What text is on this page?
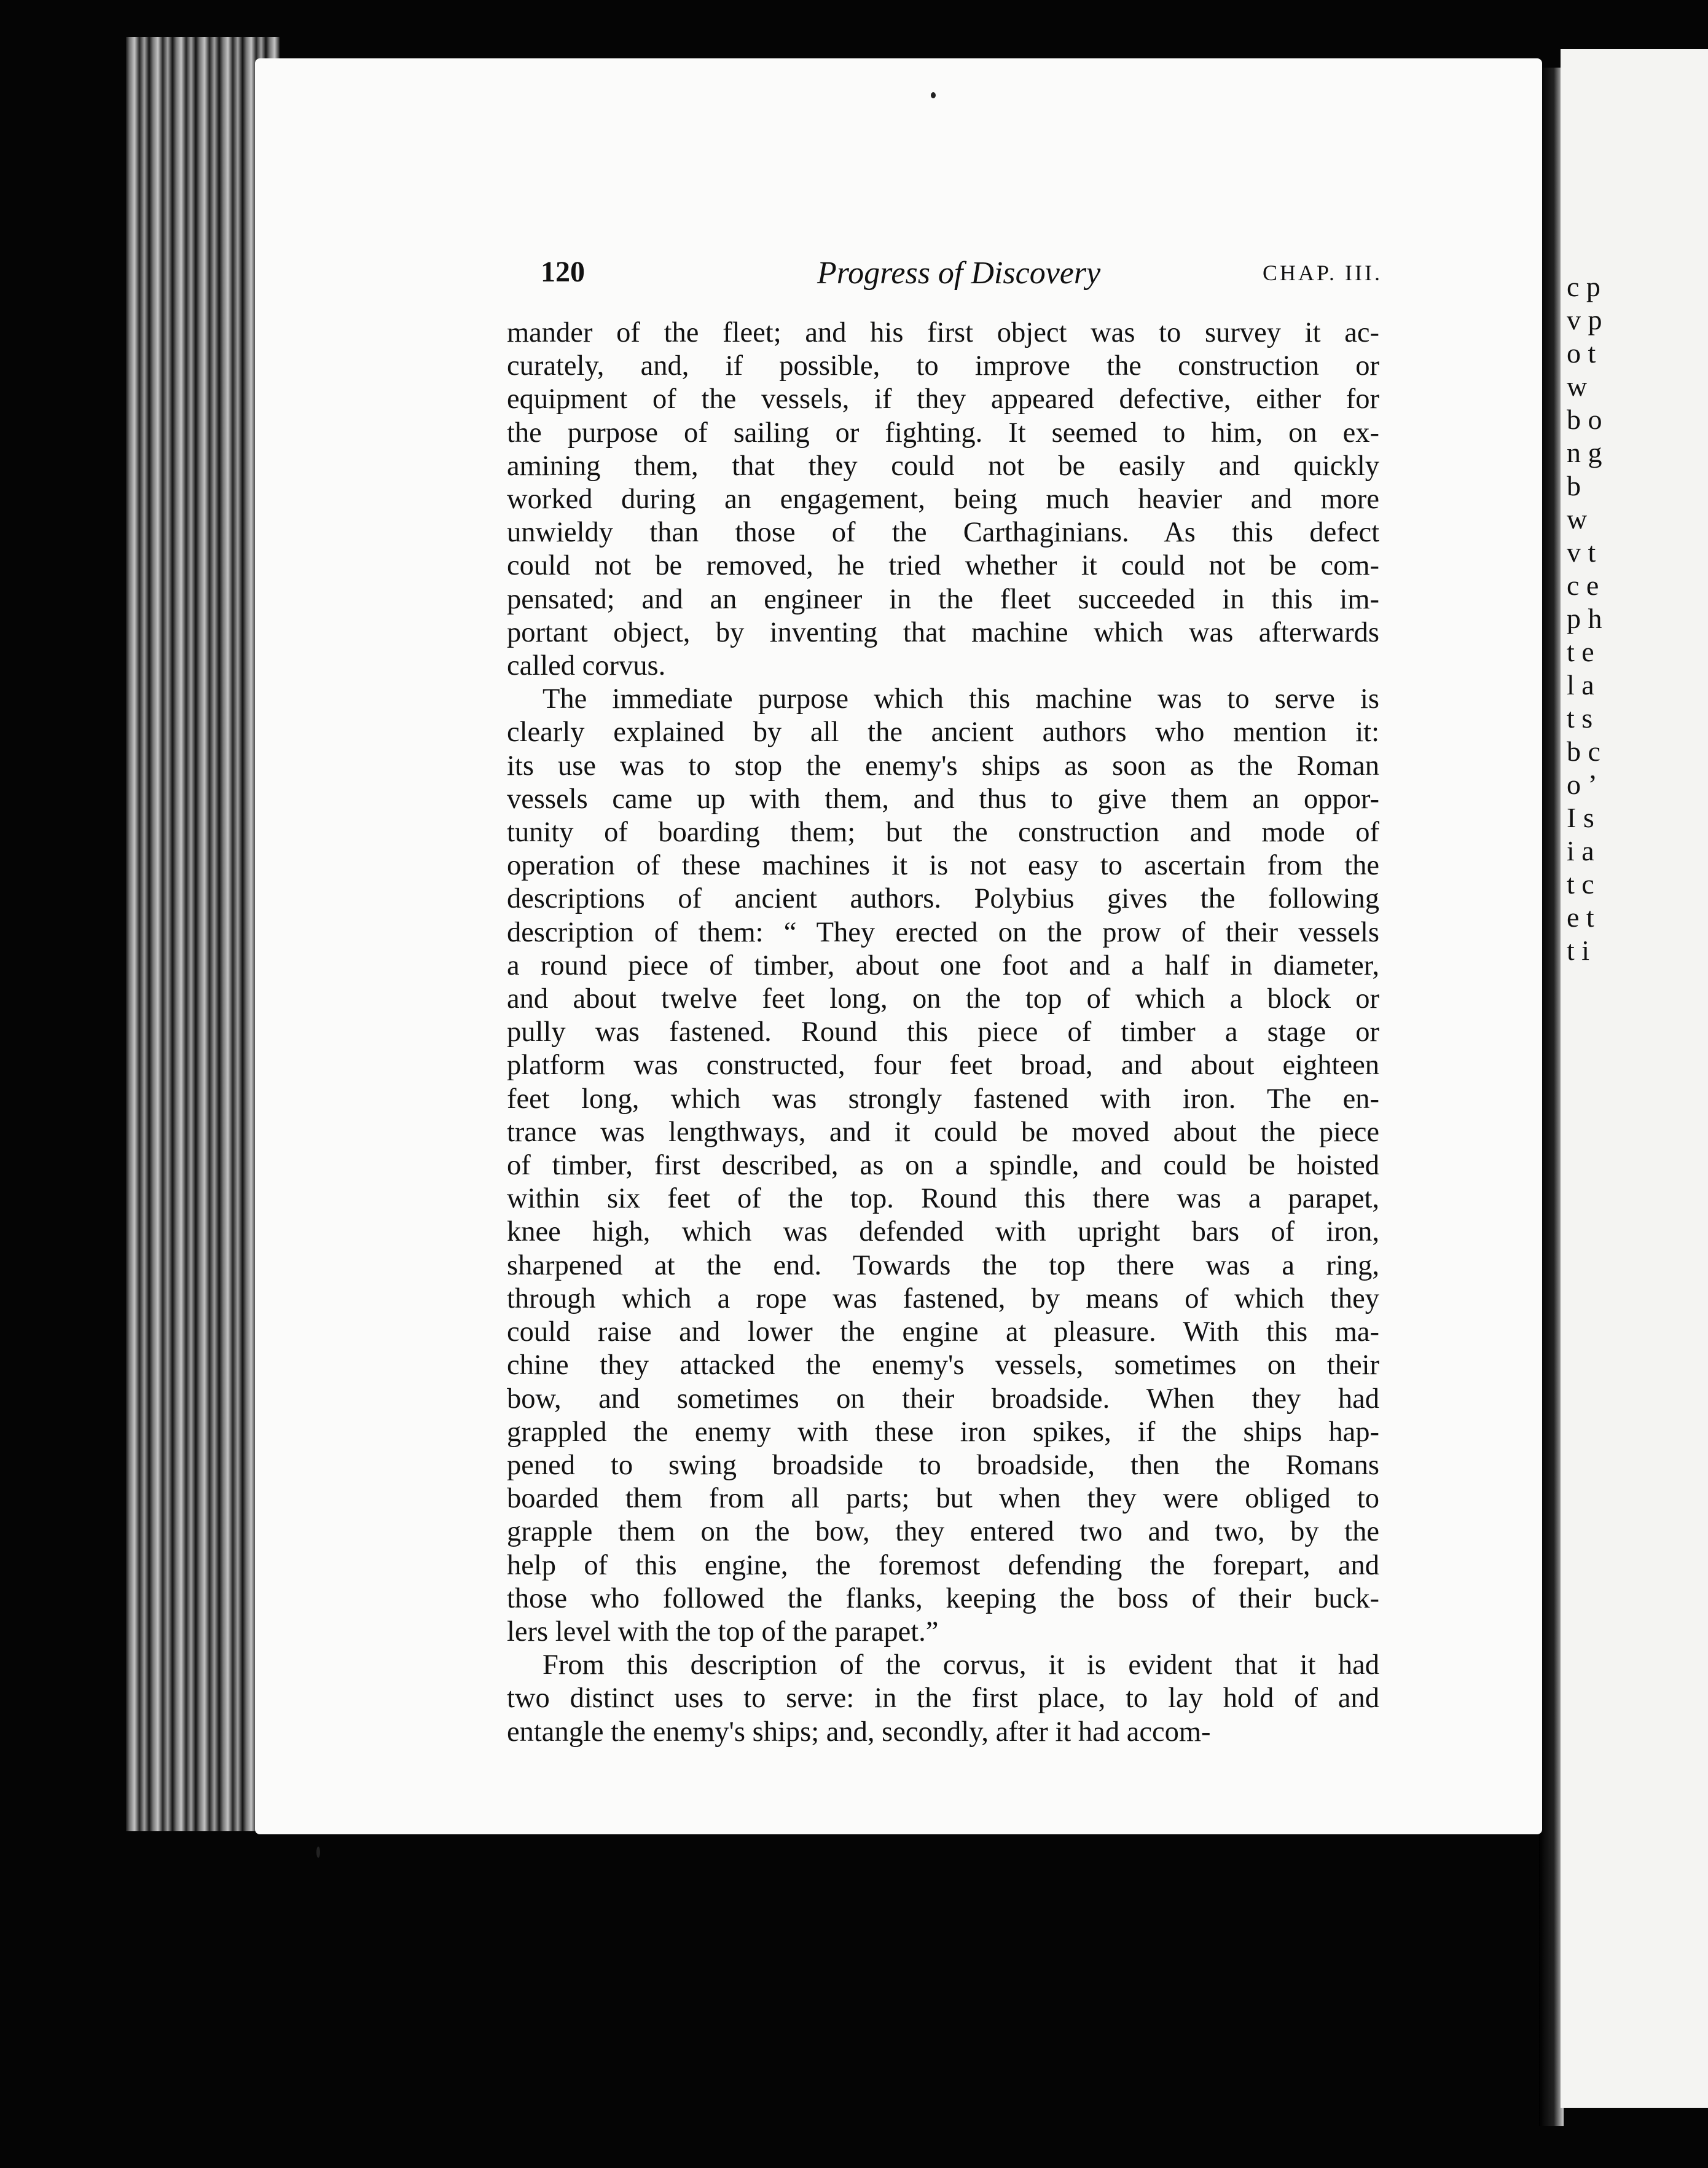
c p v p o t w b o n g b w v t c e p h t e l a t s b c o ’ I s i a t c e t t i
120	Progress of Discovery	CHAP. III.

mander of the fleet; and his first object was to survey it ac-
curately, and, if possible, to improve the construction or
equipment of the vessels, if they appeared defective, either for
the purpose of sailing or fighting. It seemed to him, on ex-
amining them, that they could not be easily and quickly
worked during an engagement, being much heavier and more
unwieldy than those of the Carthaginians. As this defect
could not be removed, he tried whether it could not be com-
pensated; and an engineer in the fleet succeeded in this im-
portant object, by inventing that machine which was afterwards
called corvus.

The immediate purpose which this machine was to serve is
clearly explained by all the ancient authors who mention it:
its use was to stop the enemy's ships as soon as the Roman
vessels came up with them, and thus to give them an oppor-
tunity of boarding them; but the construction and mode of
operation of these machines it is not easy to ascertain from the
descriptions of ancient authors. Polybius gives the following
description of them: “ They erected on the prow of their vessels
a round piece of timber, about one foot and a half in diameter,
and about twelve feet long, on the top of which a block or
pully was fastened. Round this piece of timber a stage or
platform was constructed, four feet broad, and about eighteen
feet long, which was strongly fastened with iron. The en-
trance was lengthways, and it could be moved about the piece
of timber, first described, as on a spindle, and could be hoisted
within six feet of the top. Round this there was a parapet,
knee high, which was defended with upright bars of iron,
sharpened at the end. Towards the top there was a ring,
through which a rope was fastened, by means of which they
could raise and lower the engine at pleasure. With this ma-
chine they attacked the enemy's vessels, sometimes on their
bow, and sometimes on their broadside. When they had
grappled the enemy with these iron spikes, if the ships hap-
pened to swing broadside to broadside, then the Romans
boarded them from all parts; but when they were obliged to
grapple them on the bow, they entered two and two, by the
help of this engine, the foremost defending the forepart, and
those who followed the flanks, keeping the boss of their buck-
lers level with the top of the parapet.”

From this description of the corvus, it is evident that it had
two distinct uses to serve: in the first place, to lay hold of and
entangle the enemy's ships; and, secondly, after it had accom-
